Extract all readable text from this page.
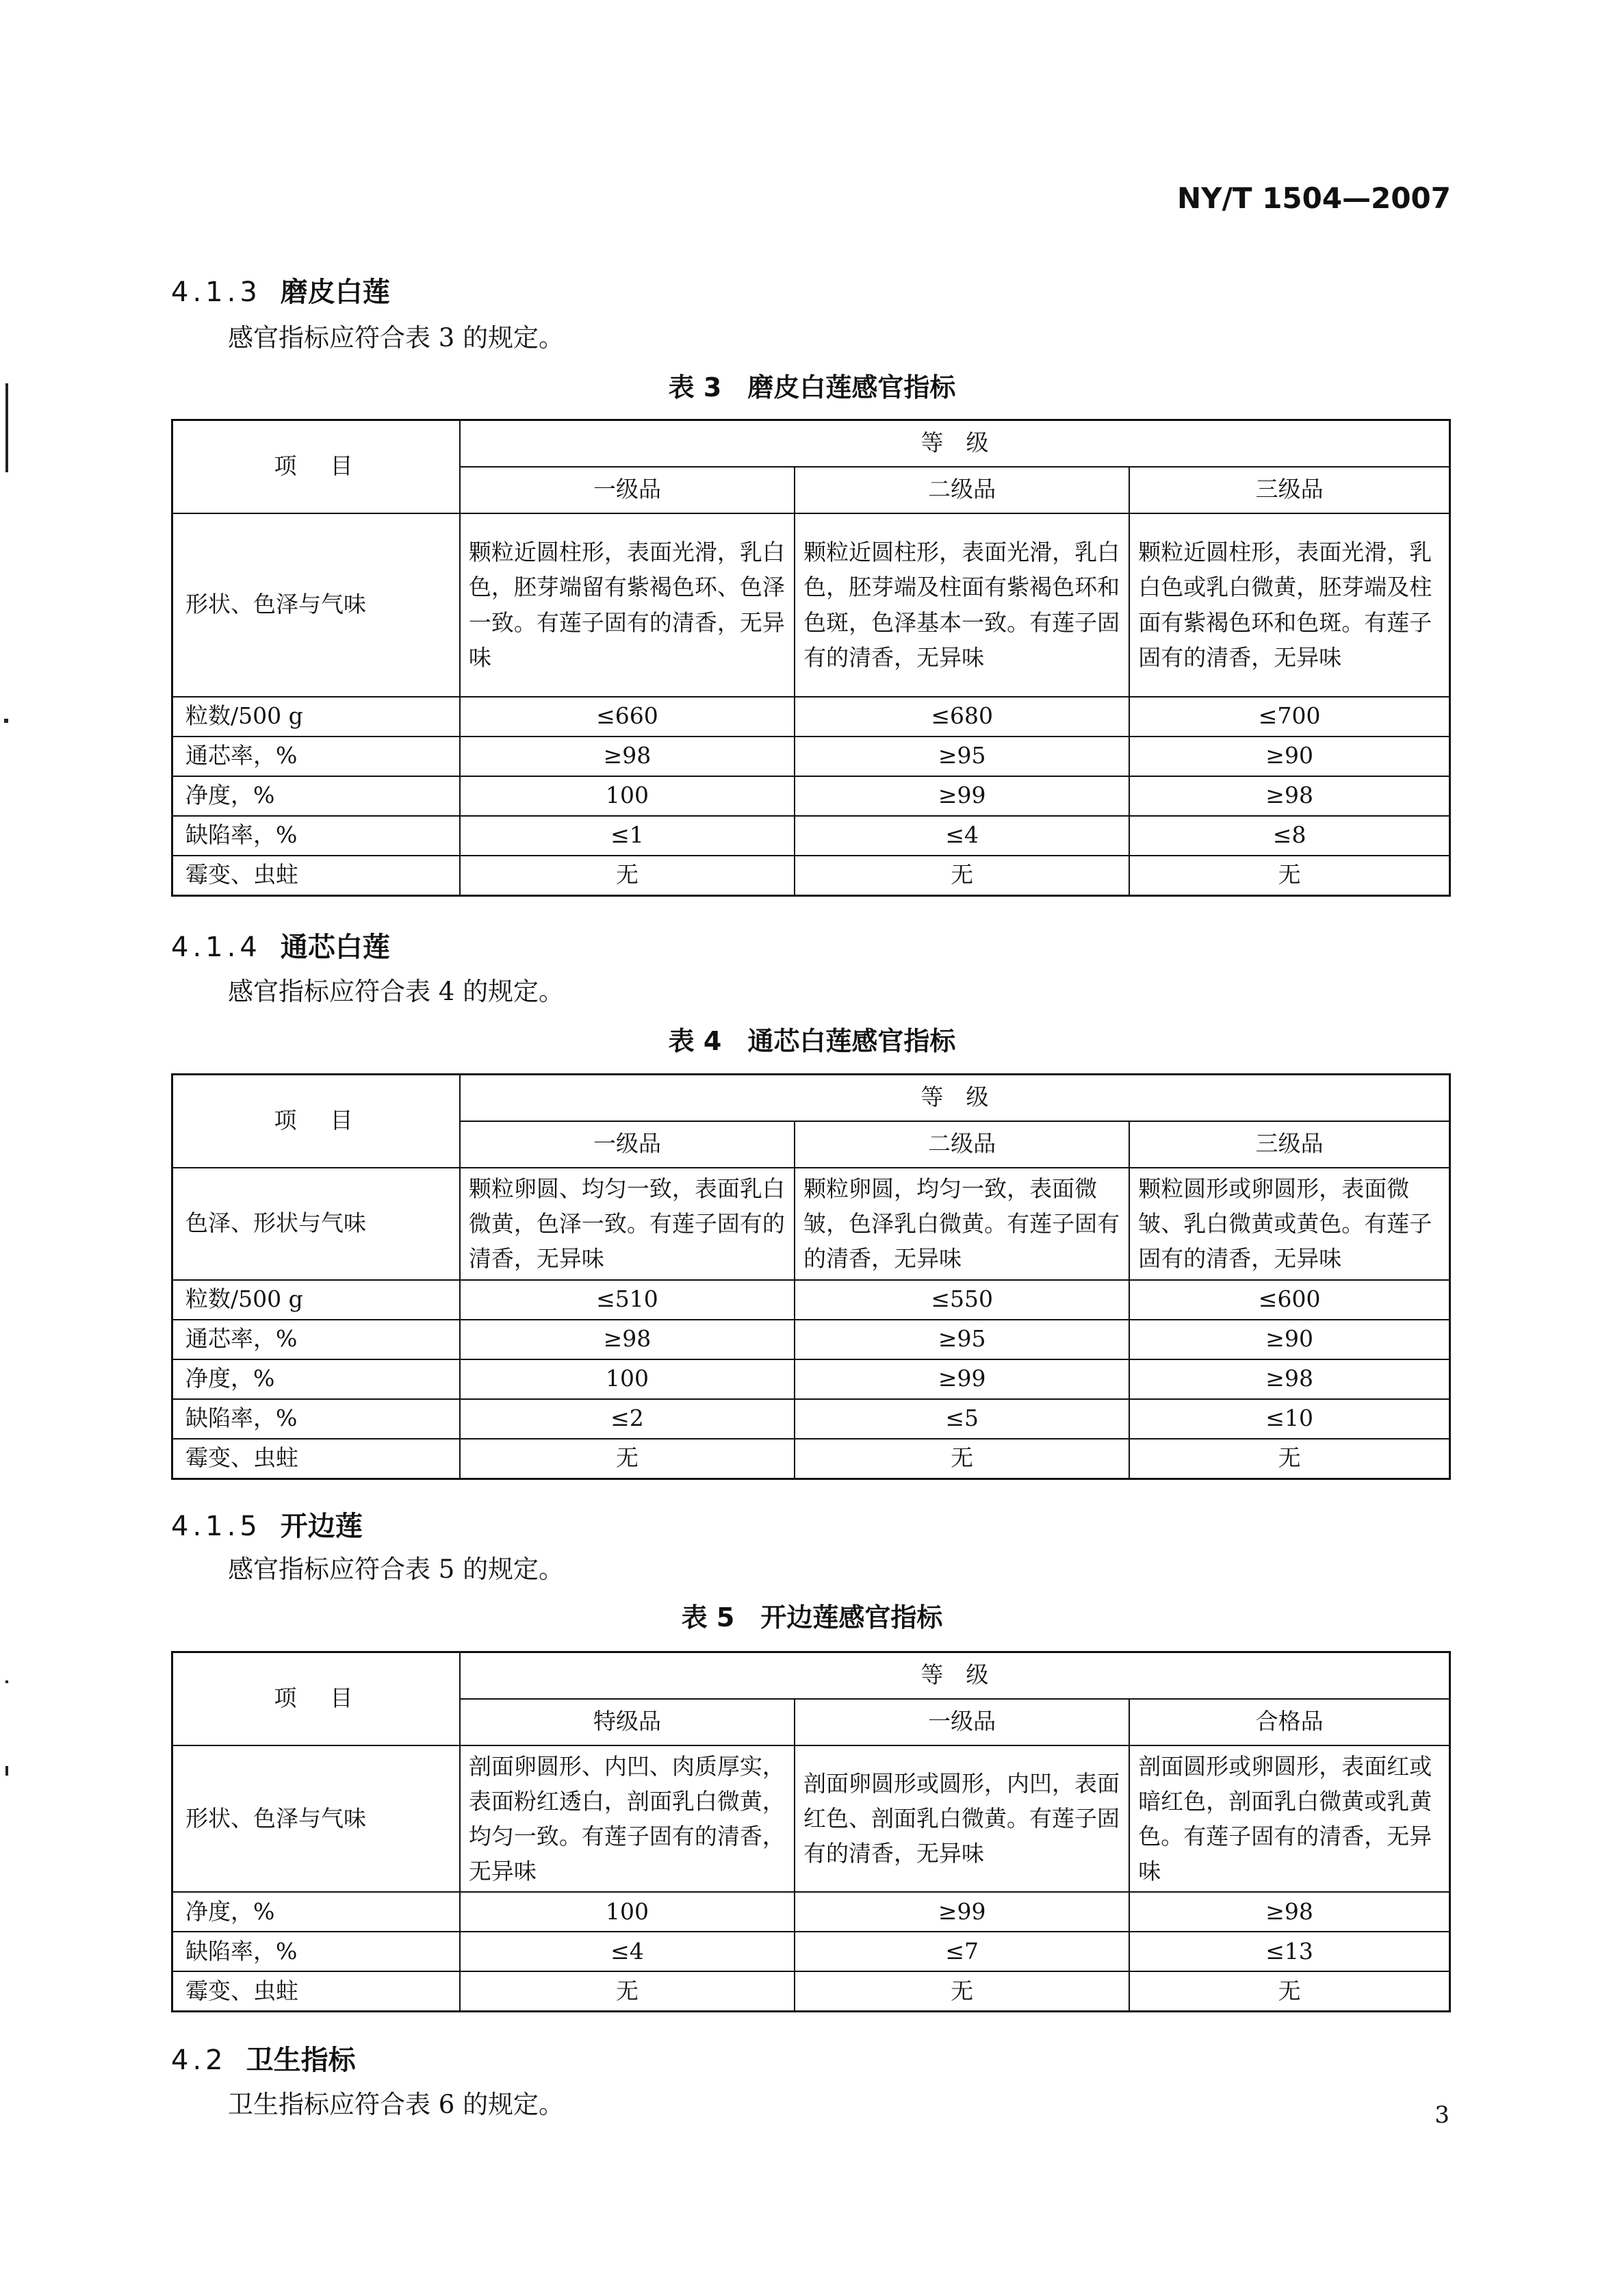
NY/T 1504—2007
4.1.3 磨皮白莲
感官指标应符合表 3 的规定。
表 3　磨皮白莲感官指标
项　目	等　级		
	一级品	二级品	三级品
形状、色泽与气味	颗粒近圆柱形，表面光滑，乳白色，胚芽端留有紫褐色环、色泽一致。有莲子固有的清香，无异味	颗粒近圆柱形，表面光滑，乳白色，胚芽端及柱面有紫褐色环和色斑，色泽基本一致。有莲子固有的清香，无异味	颗粒近圆柱形，表面光滑，乳白色或乳白微黄，胚芽端及柱面有紫褐色环和色斑。有莲子固有的清香，无异味
粒数/500 g	≤660	≤680	≤700
通芯率，%	≥98	≥95	≥90
净度，%	100	≥99	≥98
缺陷率，%	≤1	≤4	≤8
霉变、虫蛀	无	无	无
4.1.4 通芯白莲
感官指标应符合表 4 的规定。
表 4　通芯白莲感官指标
项　目	等　级		
	一级品	二级品	三级品
色泽、形状与气味	颗粒卵圆、均匀一致，表面乳白微黄，色泽一致。有莲子固有的清香，无异味	颗粒卵圆，均匀一致，表面微皱，色泽乳白微黄。有莲子固有的清香，无异味	颗粒圆形或卵圆形，表面微皱、乳白微黄或黄色。有莲子固有的清香，无异味
粒数/500 g	≤510	≤550	≤600
通芯率，%	≥98	≥95	≥90
净度，%	100	≥99	≥98
缺陷率，%	≤2	≤5	≤10
霉变、虫蛀	无	无	无
4.1.5 开边莲
感官指标应符合表 5 的规定。
表 5　开边莲感官指标
项　目	等　级		
	特级品	一级品	合格品
形状、色泽与气味	剖面卵圆形、内凹、肉质厚实，表面粉红透白，剖面乳白微黄，均匀一致。有莲子固有的清香，无异味	剖面卵圆形或圆形，内凹，表面红色、剖面乳白微黄。有莲子固有的清香，无异味	剖面圆形或卵圆形，表面红或暗红色，剖面乳白微黄或乳黄色。有莲子固有的清香，无异味
净度，%	100	≥99	≥98
缺陷率，%	≤4	≤7	≤13
霉变、虫蛀	无	无	无
4.2 卫生指标
卫生指标应符合表 6 的规定。	3
